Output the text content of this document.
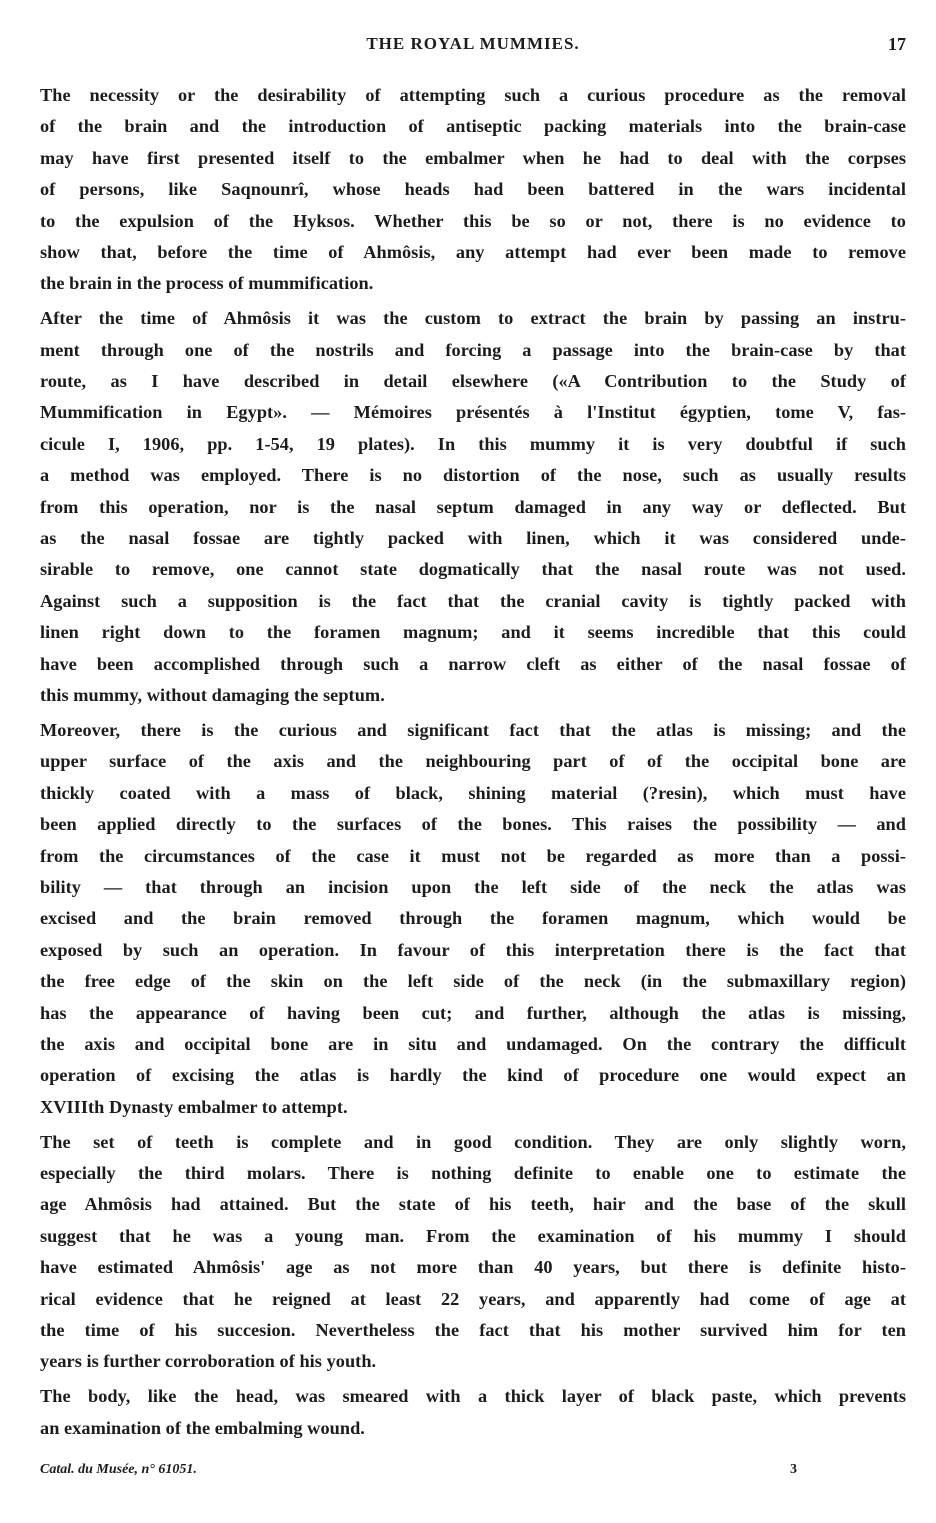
THE ROYAL MUMMIES.	17

The necessity or the desirability of attempting such a curious procedure as the removal
of the brain and the introduction of antiseptic packing materials into the brain-case
may have first presented itself to the embalmer when he had to deal with the corpses
of persons, like Saqnounrî, whose heads had been battered in the wars incidental
to the expulsion of the Hyksos. Whether this be so or not, there is no evidence to
show that, before the time of Ahmôsis, any attempt had ever been made to remove
the brain in the process of mummification.

After the time of Ahmôsis it was the custom to extract the brain by passing an instru-
ment through one of the nostrils and forcing a passage into the brain-case by that
route, as I have described in detail elsewhere («A Contribution to the Study of
Mummification in Egypt». — Mémoires présentés à l'Institut égyptien, tome V, fas-
cicule I, 1906, pp. 1-54, 19 plates). In this mummy it is very doubtful if such
a method was employed. There is no distortion of the nose, such as usually results
from this operation, nor is the nasal septum damaged in any way or deflected. But
as the nasal fossae are tightly packed with linen, which it was considered unde-
sirable to remove, one cannot state dogmatically that the nasal route was not used.
Against such a supposition is the fact that the cranial cavity is tightly packed with
linen right down to the foramen magnum; and it seems incredible that this could
have been accomplished through such a narrow cleft as either of the nasal fossae of
this mummy, without damaging the septum.

Moreover, there is the curious and significant fact that the atlas is missing; and the
upper surface of the axis and the neighbouring part of of the occipital bone are
thickly coated with a mass of black, shining material (?resin), which must have
been applied directly to the surfaces of the bones. This raises the possibility — and
from the circumstances of the case it must not be regarded as more than a possi-
bility — that through an incision upon the left side of the neck the atlas was
excised and the brain removed through the foramen magnum, which would be
exposed by such an operation. In favour of this interpretation there is the fact that
the free edge of the skin on the left side of the neck (in the submaxillary region)
has the appearance of having been cut; and further, although the atlas is missing,
the axis and occipital bone are in situ and undamaged. On the contrary the difficult
operation of excising the atlas is hardly the kind of procedure one would expect an
XVIIIth Dynasty embalmer to attempt.

The set of teeth is complete and in good condition. They are only slightly worn,
especially the third molars. There is nothing definite to enable one to estimate the
age Ahmôsis had attained. But the state of his teeth, hair and the base of the skull
suggest that he was a young man. From the examination of his mummy I should
have estimated Ahmôsis' age as not more than 40 years, but there is definite histo-
rical evidence that he reigned at least 22 years, and apparently had come of age at
the time of his succesion. Nevertheless the fact that his mother survived him for ten
years is further corroboration of his youth.

The body, like the head, was smeared with a thick layer of black paste, which prevents
an examination of the embalming wound.

Catal. du Musée, n° 61051.	3
